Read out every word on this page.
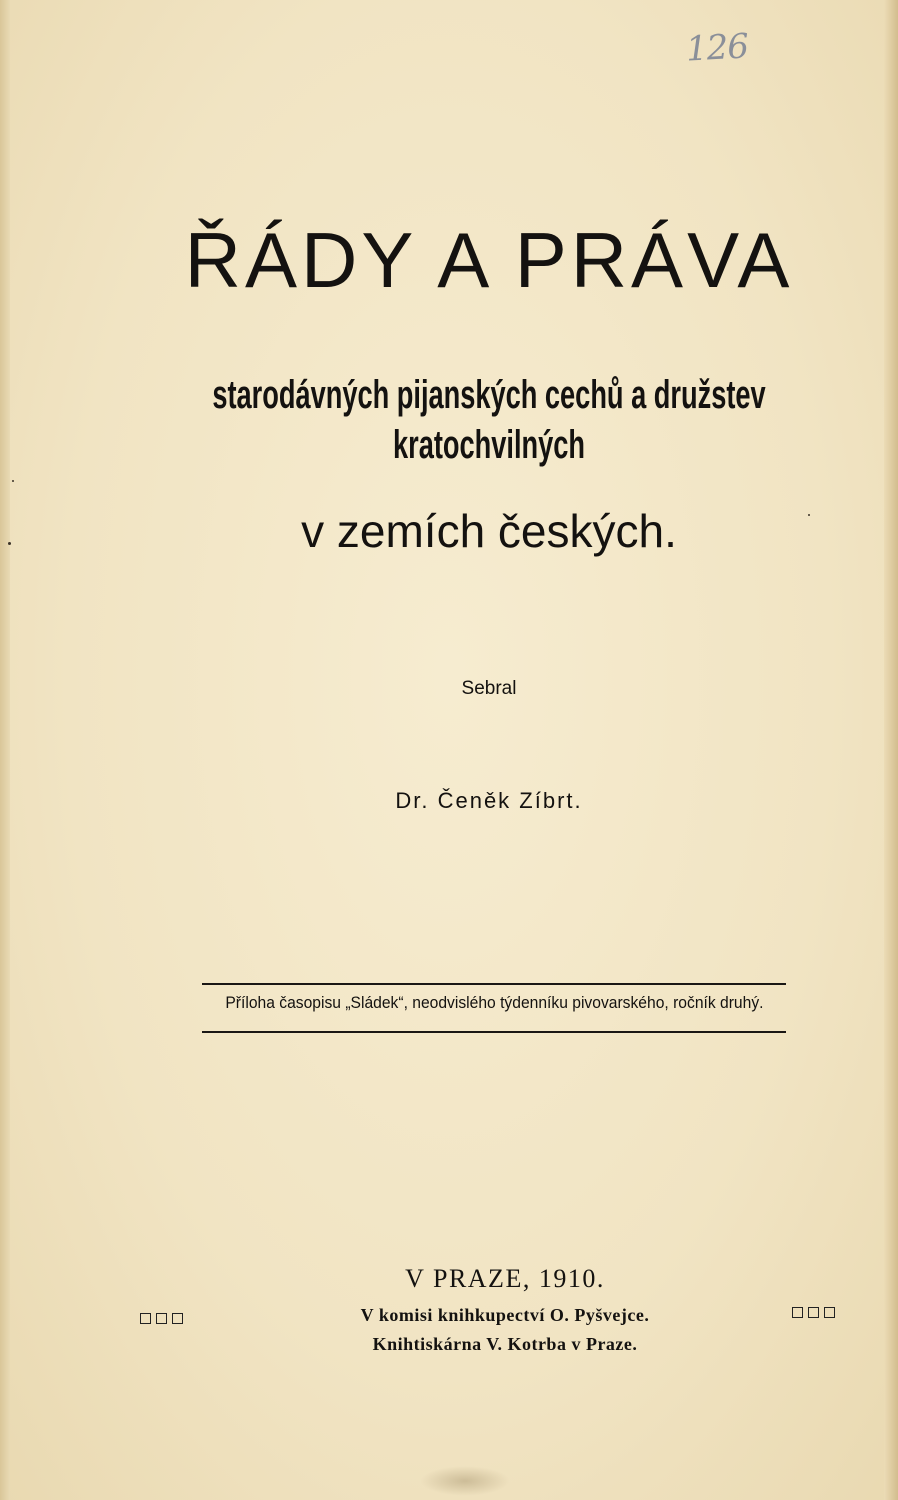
126
ŘÁDY A PRÁVA
starodávných pijanských cechů a družstev kratochvilných
v zemích českých.
Sebral
Dr. Čeněk Zíbrt.
Příloha časopisu „Sládek“, neodvislého týdenníku pivovarského, ročník druhý.
V PRAZE, 1910.
V komisi knihkupectví O. Pyšvejce.
Knihtiskárna V. Kotrba v Praze.
